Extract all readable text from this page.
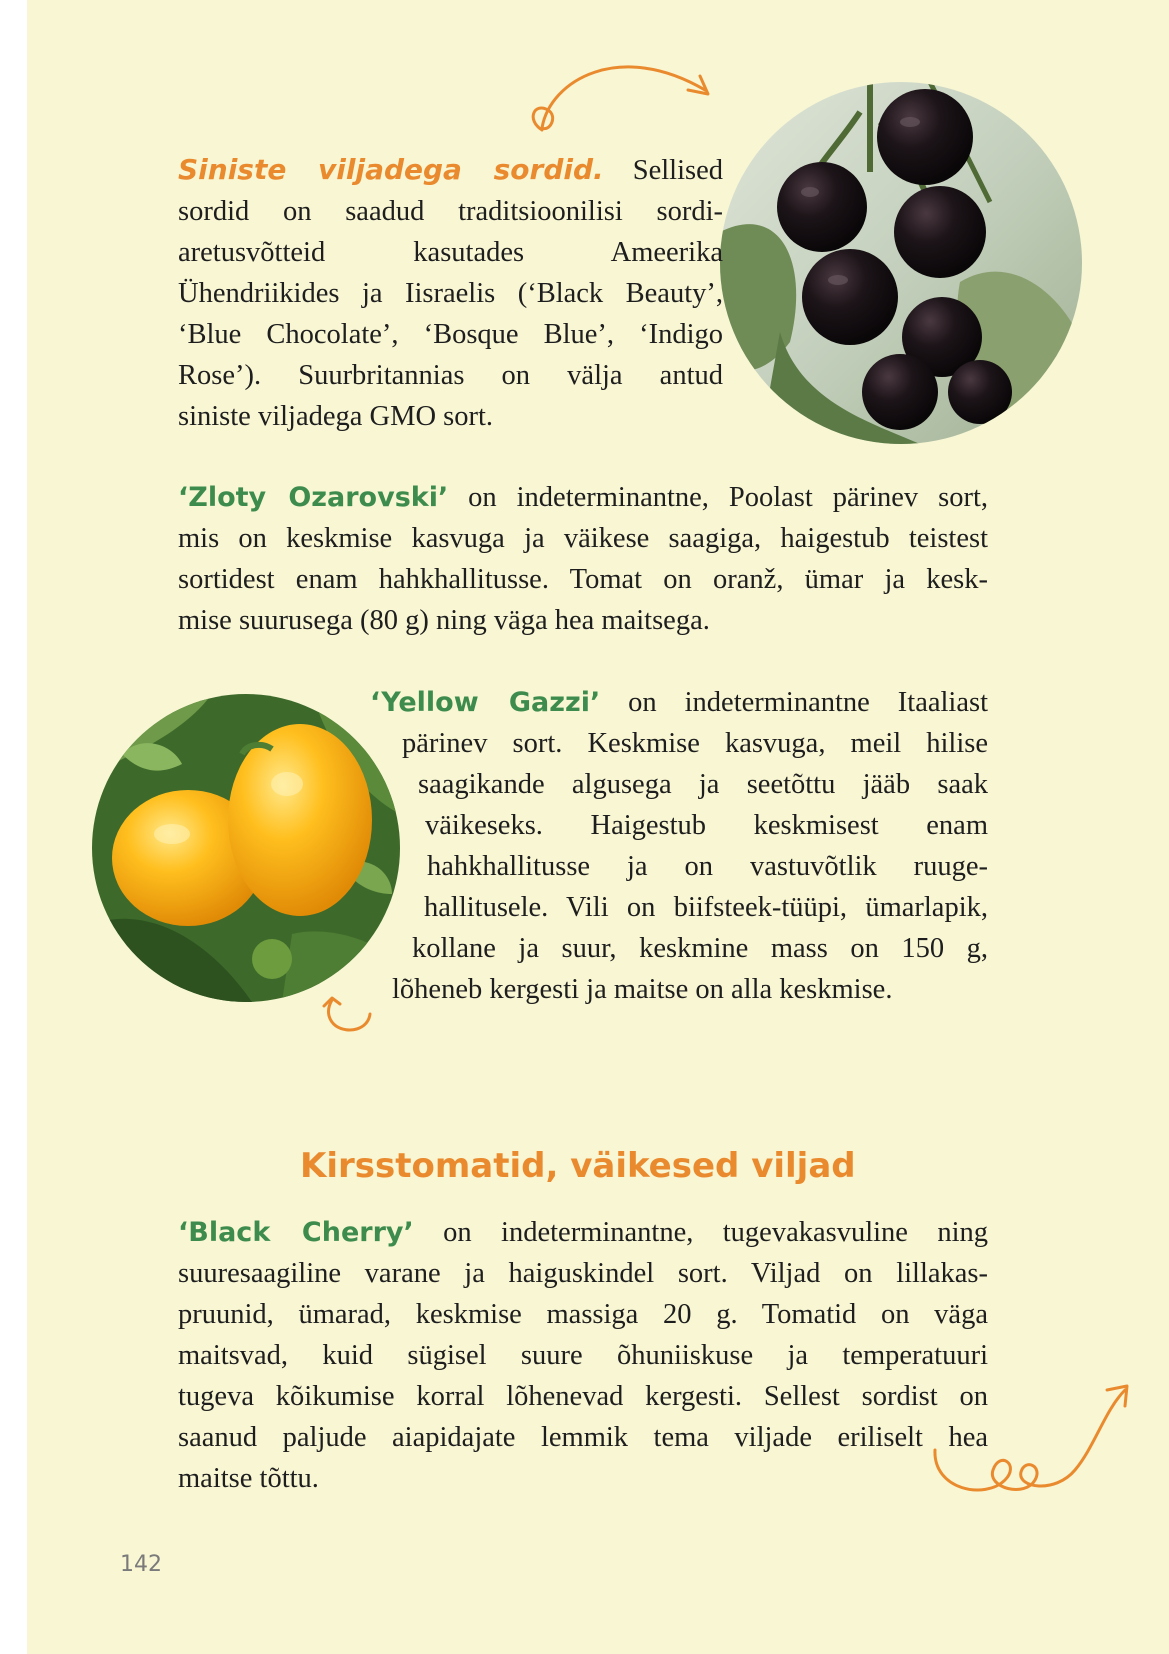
Siniste viljadega sordid. Sellised
sordid on saadud traditsioonilisi sordi-
aretusvõtteid kasutades Ameerika
Ühendriikides ja Iisraelis (‘Black Beauty’,
‘Blue Chocolate’, ‘Bosque Blue’, ‘Indigo
Rose’). Suurbritannias on välja antud
siniste viljadega GMO sort.
‘Zloty Ozarovski’ on indeterminantne, Poolast pärinev sort,
mis on keskmise kasvuga ja väikese saagiga, haigestub teistest
sortidest enam hahkhallitusse. Tomat on oranž, ümar ja kesk-
mise suurusega (80 g) ning väga hea maitsega.
‘Yellow Gazzi’ on indeterminantne Itaaliast
pärinev sort. Keskmise kasvuga, meil hilise
saagikande algusega ja seetõttu jääb saak
väikeseks. Haigestub keskmisest enam
hahkhallitusse ja on vastuvõtlik ruuge-
hallitusele. Vili on biifsteek-tüüpi, ümarlapik,
kollane ja suur, keskmine mass on 150 g,
lõheneb kergesti ja maitse on alla keskmise.
Kirsstomatid, väikesed viljad
‘Black Cherry’ on indeterminantne, tugevakasvuline ning
suuresaagiline varane ja haiguskindel sort. Viljad on lillakas-
pruunid, ümarad, keskmise massiga 20 g. Tomatid on väga
maitsvad, kuid sügisel suure õhuniiskuse ja temperatuuri
tugeva kõikumise korral lõhenevad kergesti. Sellest sordist on
saanud paljude aiapidajate lemmik tema viljade eriliselt hea
maitse tõttu.
142
